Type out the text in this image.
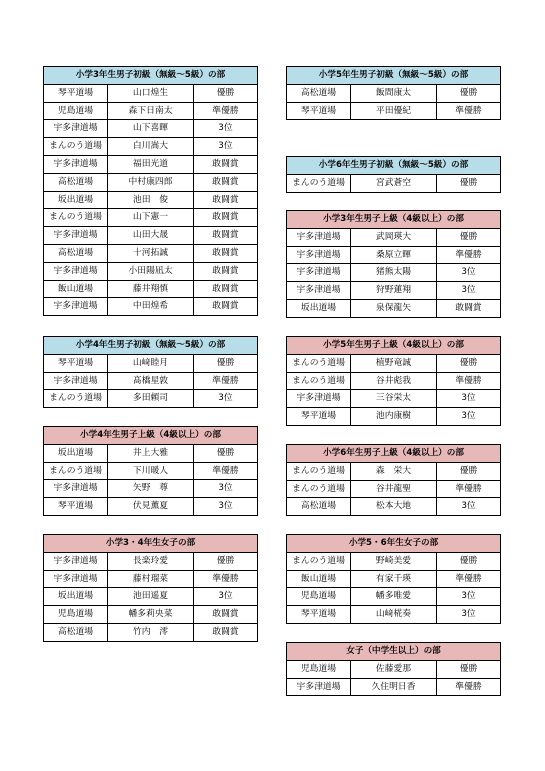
小学3年生男子初級（無級～5級）の部		
琴平道場	山口煌生	優勝
児島道場	森下日南太	準優勝
宇多津道場	山下喜暉	3位
まんのう道場	白川嵩大	3位
宇多津道場	福田光道	敢闘賞
高松道場	中村康四郎	敢闘賞
坂出道場	池田　俊	敢闘賞
まんのう道場	山下憲一	敢闘賞
宇多津道場	山田大晟	敢闘賞
高松道場	十河拓誠	敢闘賞
宇多津道場	小田陽凪太	敢闘賞
飯山道場	藤井翔慎	敢闘賞
宇多津道場	中田煌希	敢闘賞
小学4年生男子初級（無級～5級）の部		
琴平道場	山﨑睦月	優勝
宇多津道場	髙橋星敦	準優勝
まんのう道場	多田頼司	3位
小学4年生男子上級（4級以上）の部		
坂出道場	井上大雅	優勝
まんのう道場	下川暖人	準優勝
宇多津道場	矢野　尊	3位
琴平道場	伏見薫夏	3位
小学3・4年生女子の部		
宇多津道場	長楽玲愛	優勝
宇多津道場	藤村瑠菜	準優勝
坂出道場	池田遥夏	3位
児島道場	幡多莉央菜	敢闘賞
高松道場	竹内　澪	敢闘賞
小学5年生男子初級（無級～5級）の部		
高松道場	飯間康太	優勝
琴平道場	平田優紀	準優勝
小学6年生男子初級（無級～5級）の部
まんのう道場	宮武蒼空	優勝
小学3年生男子上級（4級以上）の部		
宇多津道場	武岡瑛大	優勝
宇多津道場	桑原立暉	準優勝
宇多津道場	猪熊太陽	3位
宇多津道場	狩野蓮翔	3位
坂出道場	泉保龍矢	敢闘賞
小学5年生男子上級（4級以上）の部		
まんのう道場	植野竜誠	優勝
まんのう道場	谷井彪我	準優勝
宇多津道場	三谷栄太	3位
琴平道場	池内康樹	3位
小学6年生男子上級（4級以上）の部		
まんのう道場	森　栄大	優勝
まんのう道場	谷井龍聖	準優勝
高松道場	松本大地	3位
小学5・6年生女子の部		
まんのう道場	野崎美愛	優勝
飯山道場	有家千瑛	準優勝
児島道場	幡多唯愛	3位
琴平道場	山﨑椛奏	3位
女子（中学生以上）の部		
児島道場	佐藤愛那	優勝
宇多津道場	久住明日香	準優勝
